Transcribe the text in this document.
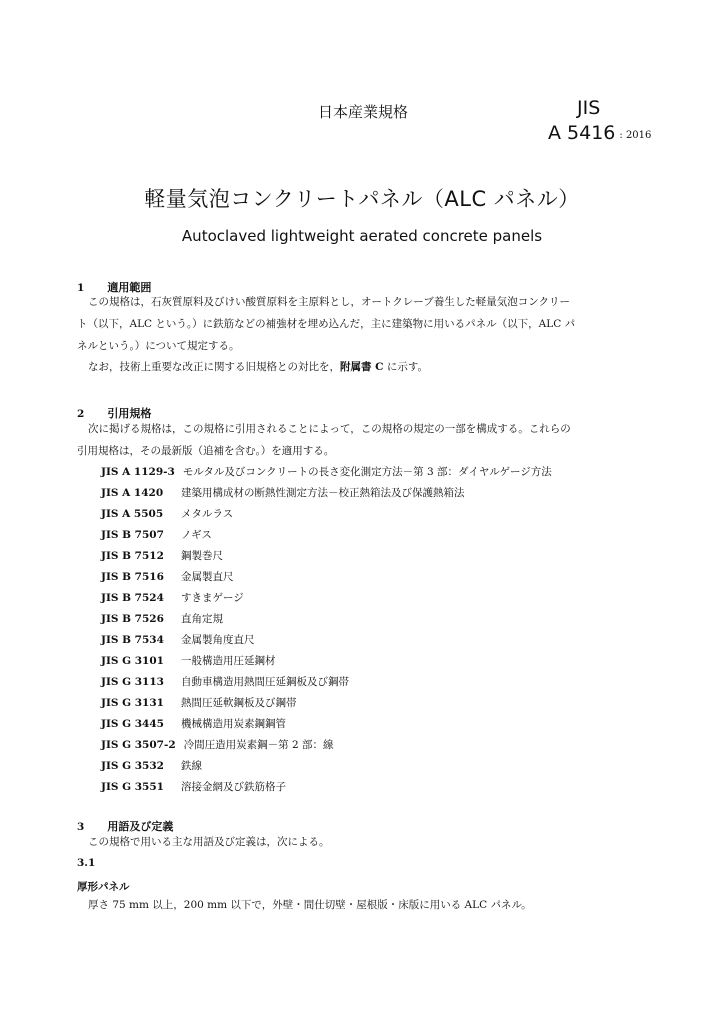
日本産業規格	JIS
A 5416 : 2016
軽量気泡コンクリートパネル（ALC パネル）
Autoclaved lightweight aerated concrete panels
1 適用範囲
この規格は，石灰質原料及びけい酸質原料を主原料とし，オートクレーブ養生した軽量気泡コンクリー
ト（以下，ALC という。）に鉄筋などの補強材を埋め込んだ，主に建築物に用いるパネル（以下，ALC パ
ネルという。）について規定する。
なお，技術上重要な改正に関する旧規格との対比を，附属書 C に示す。
2 引用規格
次に掲げる規格は，この規格に引用されることによって，この規格の規定の一部を構成する。これらの
引用規格は，その最新版（追補を含む。）を適用する。
JIS A 1129-3 モルタル及びコンクリートの長さ変化測定方法－第 3 部：ダイヤルゲージ方法
JIS A 1420 建築用構成材の断熱性測定方法－校正熱箱法及び保護熱箱法
JIS A 5505 メタルラス
JIS B 7507 ノギス
JIS B 7512 鋼製巻尺
JIS B 7516 金属製直尺
JIS B 7524 すきまゲージ
JIS B 7526 直角定規
JIS B 7534 金属製角度直尺
JIS G 3101 一般構造用圧延鋼材
JIS G 3113 自動車構造用熱間圧延鋼板及び鋼帯
JIS G 3131 熱間圧延軟鋼板及び鋼帯
JIS G 3445 機械構造用炭素鋼鋼管
JIS G 3507-2 冷間圧造用炭素鋼－第 2 部：線
JIS G 3532 鉄線
JIS G 3551 溶接金網及び鉄筋格子
3 用語及び定義
この規格で用いる主な用語及び定義は，次による。
3.1
厚形パネル
厚さ 75 mm 以上，200 mm 以下で，外壁・間仕切壁・屋根版・床版に用いる ALC パネル。
